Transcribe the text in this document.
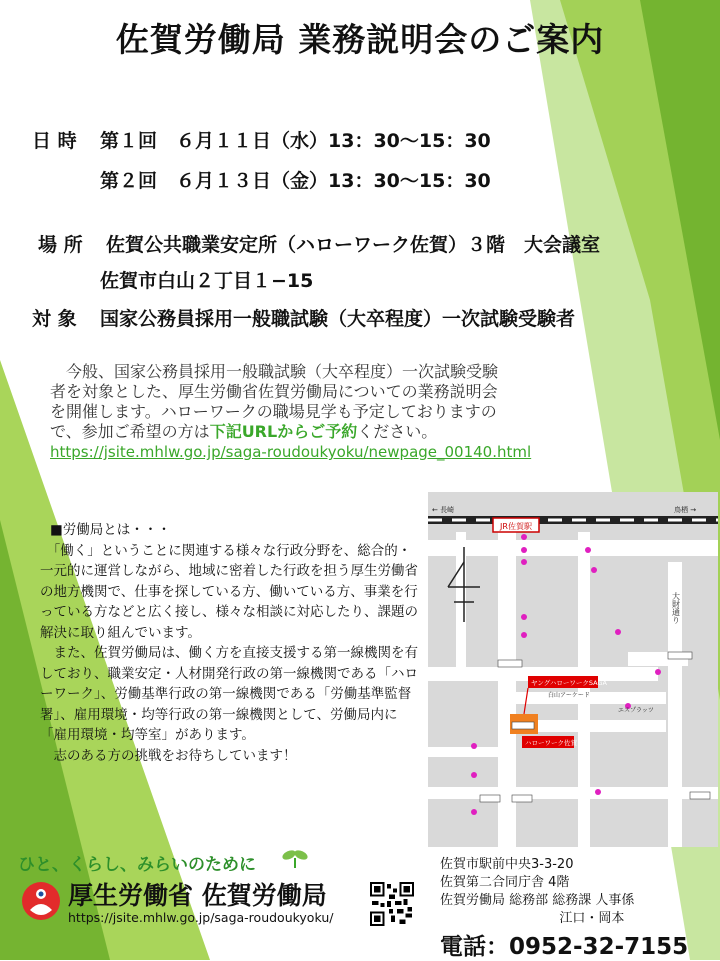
佐賀労働局 業務説明会のご案内
日 時 第１回　６月１１日（水）13：30〜15：30
第２回　６月１３日（金）13：30〜15：30
場 所 佐賀公共職業安定所（ハローワーク佐賀）３階　大会議室
佐賀市白山２丁目１−15
対 象 国家公務員採用一般職試験（大卒程度）一次試験受験者
　今般、国家公務員採用一般職試験（大卒程度）一次試験受験
者を対象とした、厚生労働省佐賀労働局についての業務説明会
を開催します。ハローワークの職場見学も予定しておりますの
で、参加ご希望の方は下記URLからご予約ください。
https://jsite.mhlw.go.jp/saga-roudoukyoku/newpage_00140.html

■労働局とは・・・

　「働く」ということに関連する様々な行政分野を、総合的・一元的に運営しながら、地域に密着した行政を担う厚生労働省の地方機関で、仕事を探している方、働いている方、事業を行っている方などと広く接し、様々な相談に対応したり、課題の解決に取り組んでいます。

　また、佐賀労働局は、働く方を直接支援する第一線機関を有しており、職業安定・人材開発行政の第一線機関である「ハローワーク」、労働基準行政の第一線機関である「労働基準監督署」、雇用環境・均等行政の第一線機関として、労働局内に「雇用環境・均等室」があります。

　志のある方の挑戦をお待ちしています！

JR佐賀駅
← 長崎	鳥栖 →
大財通り
ヤングハローワークSAGA
ハローワーク佐賀
白山アーケード
エスプラッツ
ひと、くらし、みらいのために
厚生労働省 佐賀労働局
https://jsite.mhlw.go.jp/saga-roudoukyoku/
佐賀市駅前中央3-3-20
佐賀第二合同庁舎 4階
佐賀労働局 総務部 総務課 人事係
江口・岡本
電話：0952-32-7155
